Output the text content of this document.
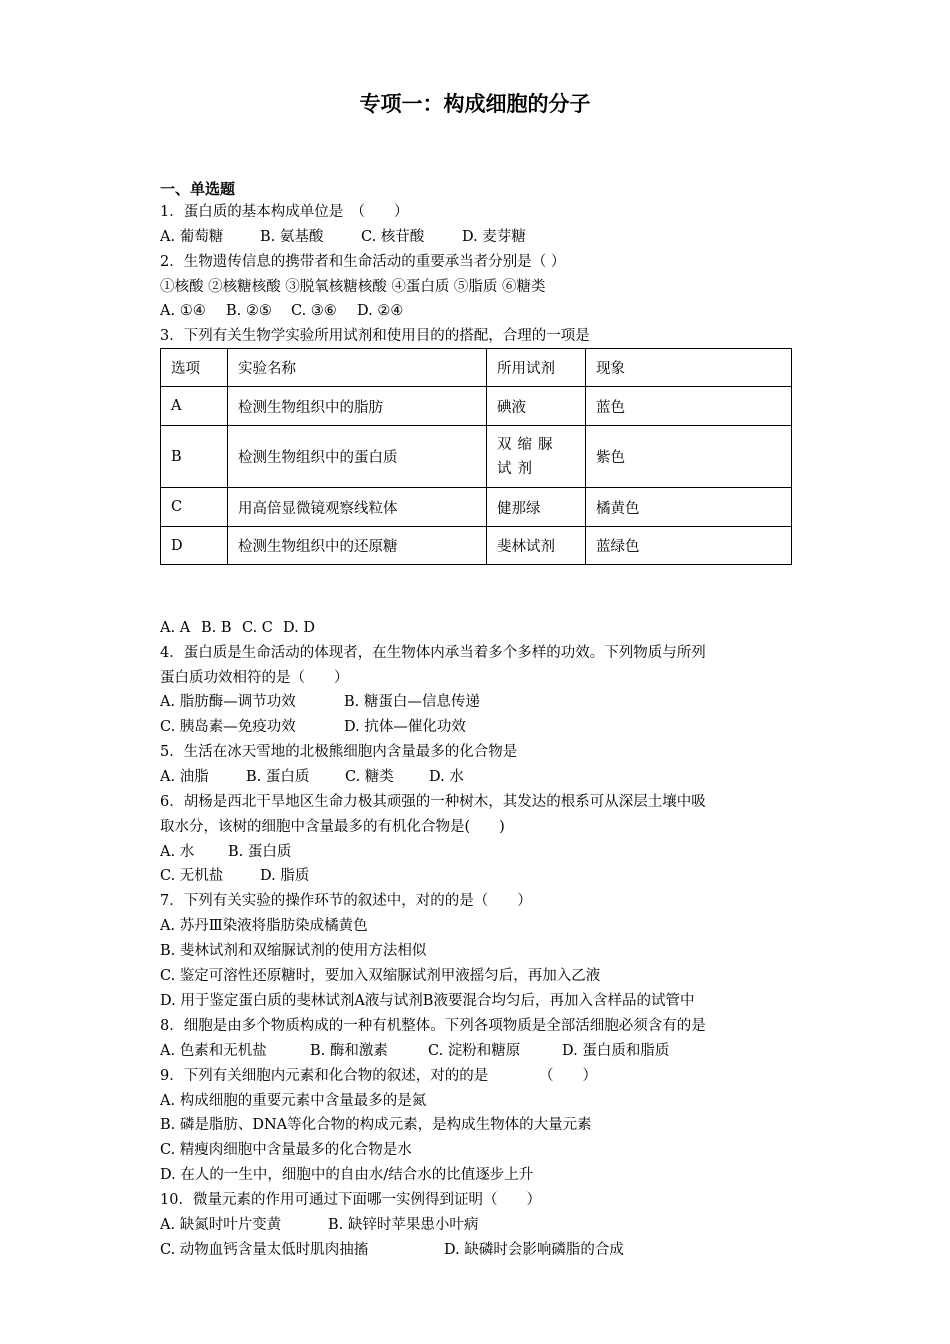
专项一：构成细胞的分子
一、单选题
1．蛋白质的基本构成单位是　（　　）
A. 葡萄糖	B. 氨基酸	C. 核苷酸	D. 麦芽糖
2．生物遗传信息的携带者和生命活动的重要承当者分别是（ ）
①核酸 ②核糖核酸 ③脱氧核糖核酸 ④蛋白质 ⑤脂质 ⑥糖类
A. ①④ B. ②⑤ C. ③⑥ D. ②④
3．下列有关生物学实验所用试剂和使用目的的搭配，合理的一项是
选项	实验名称	所用试剂	现象
A	检测生物组织中的脂肪	碘液	蓝色
B	检测生物组织中的蛋白质	双缩脲试剂	紫色
C	用高倍显微镜观察线粒体	健那绿	橘黄色
D	检测生物组织中的还原糖	斐林试剂	蓝绿色
A. A B. B C. C D. D
4．蛋白质是生命活动的体现者，在生物体内承当着多个多样的功效。下列物质与所列
蛋白质功效相符的是（　　）
A. 脂肪酶—调节功效	B. 糖蛋白—信息传递
C. 胰岛素—免疫功效	D. 抗体—催化功效
5．生活在冰天雪地的北极熊细胞内含量最多的化合物是
A. 油脂	B. 蛋白质 C. 糖类 D. 水
6．胡杨是西北干旱地区生命力极其顽强的一种树木，其发达的根系可从深层土壤中吸
取水分，该树的细胞中含量最多的有机化合物是(　　)
A. 水 B. 蛋白质
C. 无机盐	D. 脂质
7．下列有关实验的操作环节的叙述中，对的的是（　　）
A. 苏丹Ⅲ染液将脂肪染成橘黄色
B. 斐林试剂和双缩脲试剂的使用方法相似
C. 鉴定可溶性还原糖时，要加入双缩脲试剂甲液摇匀后，再加入乙液
D. 用于鉴定蛋白质的斐林试剂A液与试剂B液要混合均匀后，再加入含样品的试管中
8．细胞是由多个物质构成的一种有机整体。下列各项物质是全部活细胞必须含有的是
A. 色素和无机盐	B. 酶和激素	C. 淀粉和糖原	D. 蛋白质和脂质
9．下列有关细胞内元素和化合物的叙述，对的的是　　　　（　　）
A. 构成细胞的重要元素中含量最多的是氮
B. 磷是脂肪、DNA等化合物的构成元素，是构成生物体的大量元素
C. 精瘦肉细胞中含量最多的化合物是水
D. 在人的一生中，细胞中的自由水/结合水的比值逐步上升
10．微量元素的作用可通过下面哪一实例得到证明（　　）
A. 缺氮时叶片变黄	B. 缺锌时苹果患小叶病
C. 动物血钙含量太低时肌肉抽搐	D. 缺磷时会影响磷脂的合成
